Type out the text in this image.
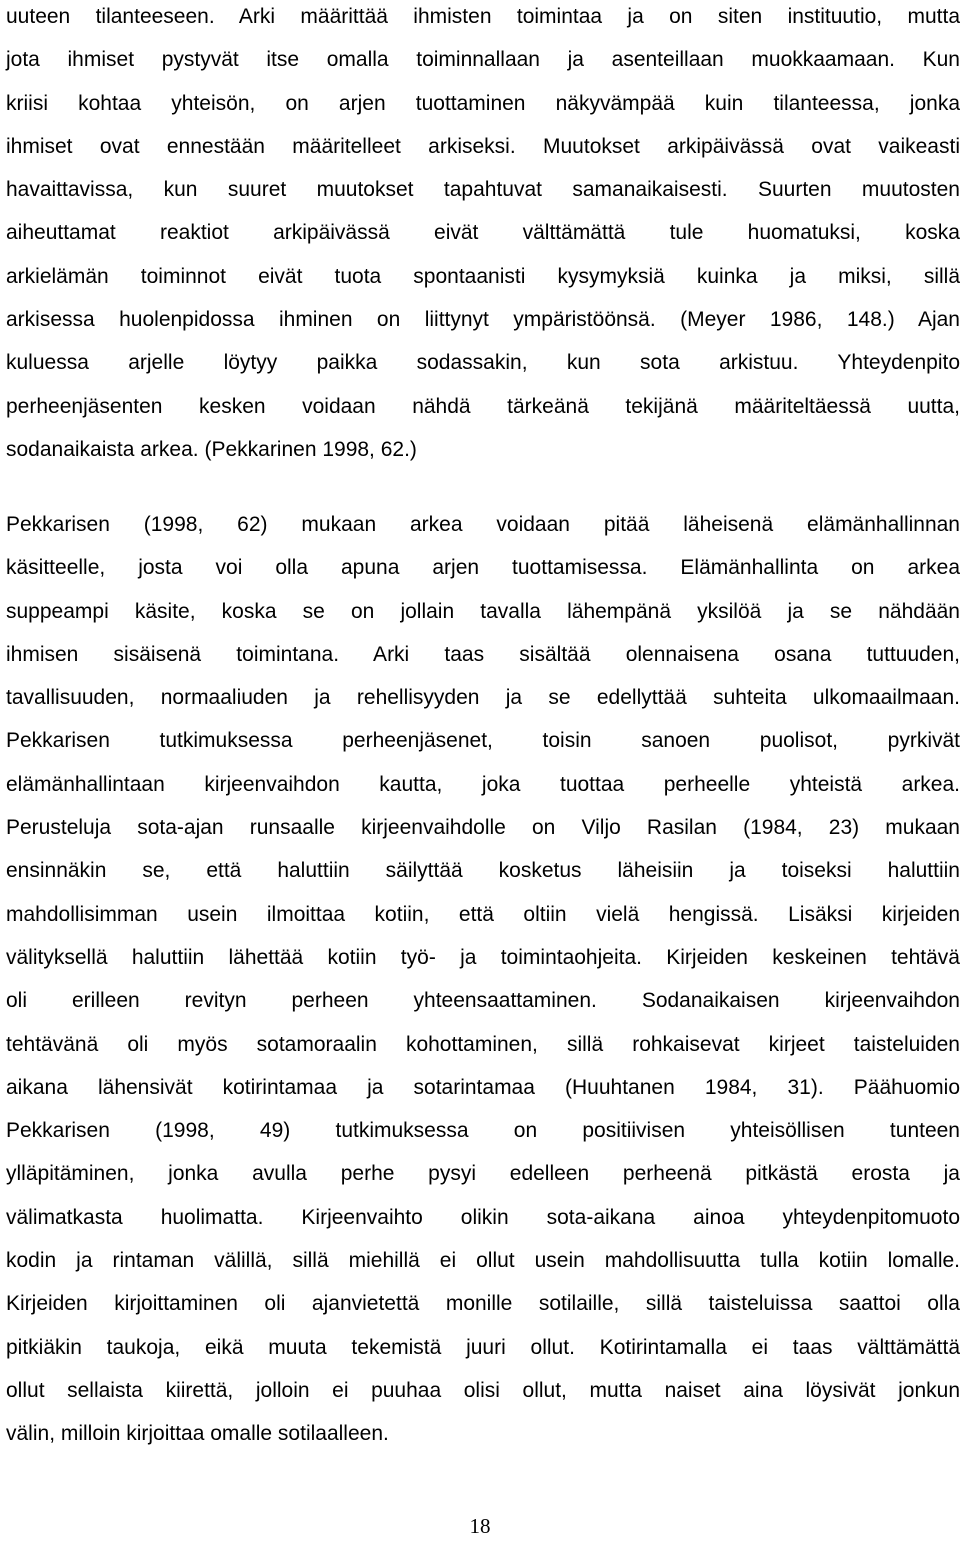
uuteen tilanteeseen. Arki määrittää ihmisten toimintaa ja on siten instituutio, mutta
jota ihmiset pystyvät itse omalla toiminnallaan ja asenteillaan muokkaamaan. Kun
kriisi kohtaa yhteisön, on arjen tuottaminen näkyvämpää kuin tilanteessa, jonka
ihmiset ovat ennestään määritelleet arkiseksi. Muutokset arkipäivässä ovat vaikeasti
havaittavissa, kun suuret muutokset tapahtuvat samanaikaisesti. Suurten muutosten
aiheuttamat reaktiot arkipäivässä eivät välttämättä tule huomatuksi, koska
arkielämän toiminnot eivät tuota spontaanisti kysymyksiä kuinka ja miksi, sillä
arkisessa huolenpidossa ihminen on liittynyt ympäristöönsä. (Meyer 1986, 148.) Ajan
kuluessa arjelle löytyy paikka sodassakin, kun sota arkistuu. Yhteydenpito
perheenjäsenten kesken voidaan nähdä tärkeänä tekijänä määriteltäessä uutta,
sodanaikaista arkea. (Pekkarinen 1998, 62.)
Pekkarisen (1998, 62) mukaan arkea voidaan pitää läheisenä elämänhallinnan
käsitteelle, josta voi olla apuna arjen tuottamisessa. Elämänhallinta on arkea
suppeampi käsite, koska se on jollain tavalla lähempänä yksilöä ja se nähdään
ihmisen sisäisenä toimintana. Arki taas sisältää olennaisena osana tuttuuden,
tavallisuuden, normaaliuden ja rehellisyyden ja se edellyttää suhteita ulkomaailmaan.
Pekkarisen tutkimuksessa perheenjäsenet, toisin sanoen puolisot, pyrkivät
elämänhallintaan kirjeenvaihdon kautta, joka tuottaa perheelle yhteistä arkea.
Perusteluja sota-ajan runsaalle kirjeenvaihdolle on Viljo Rasilan (1984, 23) mukaan
ensinnäkin se, että haluttiin säilyttää kosketus läheisiin ja toiseksi haluttiin
mahdollisimman usein ilmoittaa kotiin, että oltiin vielä hengissä. Lisäksi kirjeiden
välityksellä haluttiin lähettää kotiin työ- ja toimintaohjeita. Kirjeiden keskeinen tehtävä
oli erilleen revityn perheen yhteensaattaminen. Sodanaikaisen kirjeenvaihdon
tehtävänä oli myös sotamoraalin kohottaminen, sillä rohkaisevat kirjeet taisteluiden
aikana lähensivät kotirintamaa ja sotarintamaa (Huuhtanen 1984, 31). Päähuomio
Pekkarisen (1998, 49) tutkimuksessa on positiivisen yhteisöllisen tunteen
ylläpitäminen, jonka avulla perhe pysyi edelleen perheenä pitkästä erosta ja
välimatkasta huolimatta. Kirjeenvaihto olikin sota-aikana ainoa yhteydenpitomuoto
kodin ja rintaman välillä, sillä miehillä ei ollut usein mahdollisuutta tulla kotiin lomalle.
Kirjeiden kirjoittaminen oli ajanvietettä monille sotilaille, sillä taisteluissa saattoi olla
pitkiäkin taukoja, eikä muuta tekemistä juuri ollut. Kotirintamalla ei taas välttämättä
ollut sellaista kiirettä, jolloin ei puuhaa olisi ollut, mutta naiset aina löysivät jonkun
välin, milloin kirjoittaa omalle sotilaalleen.
18
